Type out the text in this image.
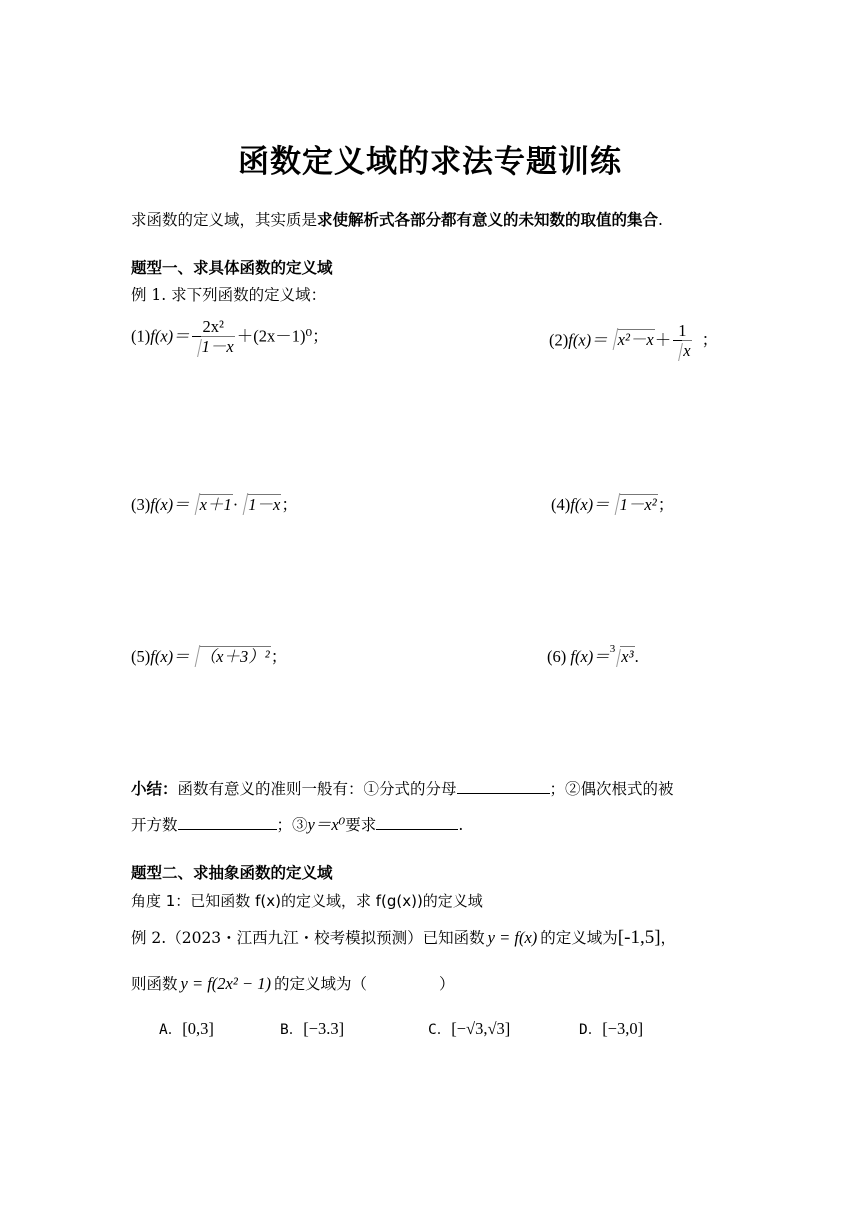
函数定义域的求法专题训练
求函数的定义域，其实质是求使解析式各部分都有意义的未知数的取值的集合.
题型一、求具体函数的定义域
例 1. 求下列函数的定义域：
$(1)f(x)= \frac{\text{2x²}}{1-x} +(2x-1)^0$；	$(2)f(x)= x^2-x+ \frac{1}{x}$ ；
(3)f(x)＝ x＋1· 1－x；	(4)f(x)＝ 1－x²；
(5)f(x)＝ （x＋3）²；	(6) f(x)＝$^3$ x³.
小结：函数有意义的准则一般有：①分式的分母	；②偶次根式的被
开方数	；③y＝x⁰要求	.
题型二、求抽象函数的定义域
角度 1：已知函数 f(x)的定义域，求 f(g(x))的定义域
例 2.（2023・江西九江・校考模拟预测）已知函数 y = f(x) 的定义域为[-1,5]，
则函数 y = f(2x² − 1) 的定义域为（	）
A．[0,3]	B．[−3.3]	C．[−√3,√3]	D．[−3,0]
